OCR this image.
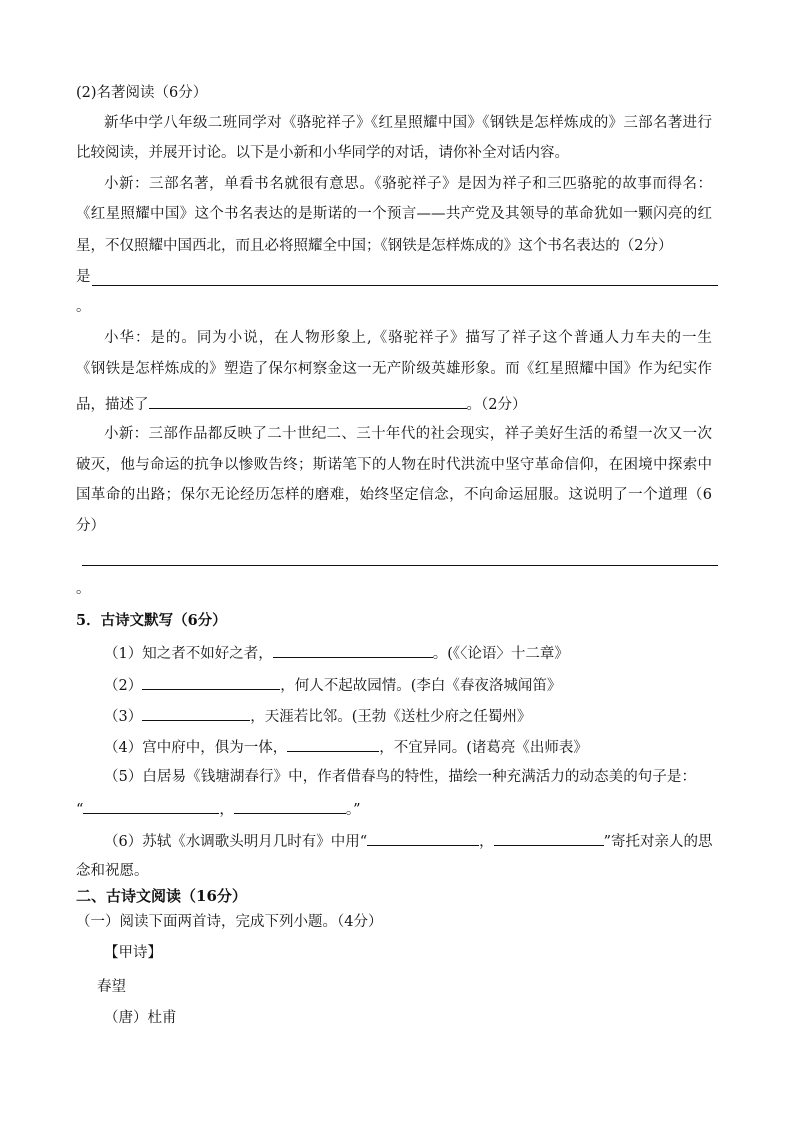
(2)名著阅读（6分）
新华中学八年级二班同学对《骆驼祥子》《红星照耀中国》《钢铁是怎样炼成的》三部名著进行
比较阅读，并展开讨论。以下是小新和小华同学的对话，请你补全对话内容。
小新：三部名著，单看书名就很有意思。《骆驼祥子》是因为祥子和三匹骆驼的故事而得名：
《红星照耀中国》这个书名表达的是斯诺的一个预言——共产党及其领导的革命犹如一颗闪亮的红
星，不仅照耀中国西北，而且必将照耀全中国；《钢铁是怎样炼成的》这个书名表达的（2分）
是
。
小华：是的。同为小说，在人物形象上,《骆驼祥子》描写了祥子这个普通人力车夫的一生
《钢铁是怎样炼成的》塑造了保尔柯察金这一无产阶级英雄形象。而《红星照耀中国》作为纪实作
品，描述了	。（2分）
小新：三部作品都反映了二十世纪二、三十年代的社会现实，祥子美好生活的希望一次又一次
破灭，他与命运的抗争以惨败告终；斯诺笔下的人物在时代洪流中坚守革命信仰，在困境中探索中
国革命的出路；保尔无论经历怎样的磨难，始终坚定信念，不向命运屈服。这说明了一个道理（6
分）
。
5．古诗文默写（6分）
（1）知之者不如好之者，	。(《〈论语〉十二章》
（2）	，何人不起故园情。(李白《春夜洛城闻笛》
（3）	，天涯若比邻。(王勃《送杜少府之任蜀州》
（4）宫中府中，俱为一体，	，不宜异同。(诸葛亮《出师表》
（5）白居易《钱塘湖春行》中，作者借春鸟的特性，描绘一种充满活力的动态美的句子是：
“	，	。”
（6）苏轼《水调歌头明月几时有》中用“	，	”寄托对亲人的思
念和祝愿。
二、古诗文阅读（16分）
（一）阅读下面两首诗，完成下列小题。（4分）
【甲诗】
春望
（唐）杜甫
